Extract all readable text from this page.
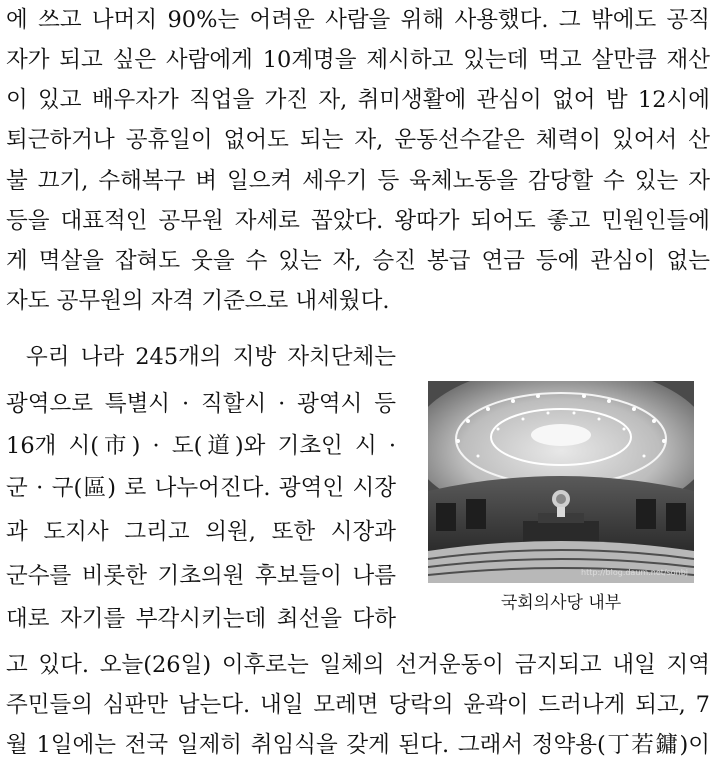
에 쓰고 나머지 90%는 어려운 사람을 위해 사용했다. 그 밖에도 공직
자가 되고 싶은 사람에게 10계명을 제시하고 있는데 먹고 살만큼 재산
이 있고 배우자가 직업을 가진 자, 취미생활에 관심이 없어 밤 12시에
퇴근하거나 공휴일이 없어도 되는 자, 운동선수같은 체력이 있어서 산
불 끄기, 수해복구 벼 일으켜 세우기 등 육체노동을 감당할 수 있는 자
등을 대표적인 공무원 자세로 꼽았다. 왕따가 되어도 좋고 민원인들에
게 멱살을 잡혀도 웃을 수 있는 자, 승진 봉급 연금 등에 관심이 없는
자도 공무원의 자격 기준으로 내세웠다.
우리 나라 245개의 지방 자치단체는
광역으로 특별시 · 직할시 · 광역시 등
16개 시(市) · 도(道)와 기초인 시 ·
군 · 구(區) 로 나누어진다. 광역인 시장
과 도지사 그리고 의원, 또한 시장과
군수를 비롯한 기초의원 후보들이 나름
대로 자기를 부각시키는데 최선을 다하
고 있다. 오늘(26일) 이후로는 일체의 선거운동이 금지되고 내일 지역
주민들의 심판만 남는다. 내일 모레면 당락의 윤곽이 드러나게 되고, 7
월 1일에는 전국 일제히 취임식을 갖게 된다. 그래서 정약용(丁若鏞)이
http://blog.daum.net/sonbj
국회의사당 내부
